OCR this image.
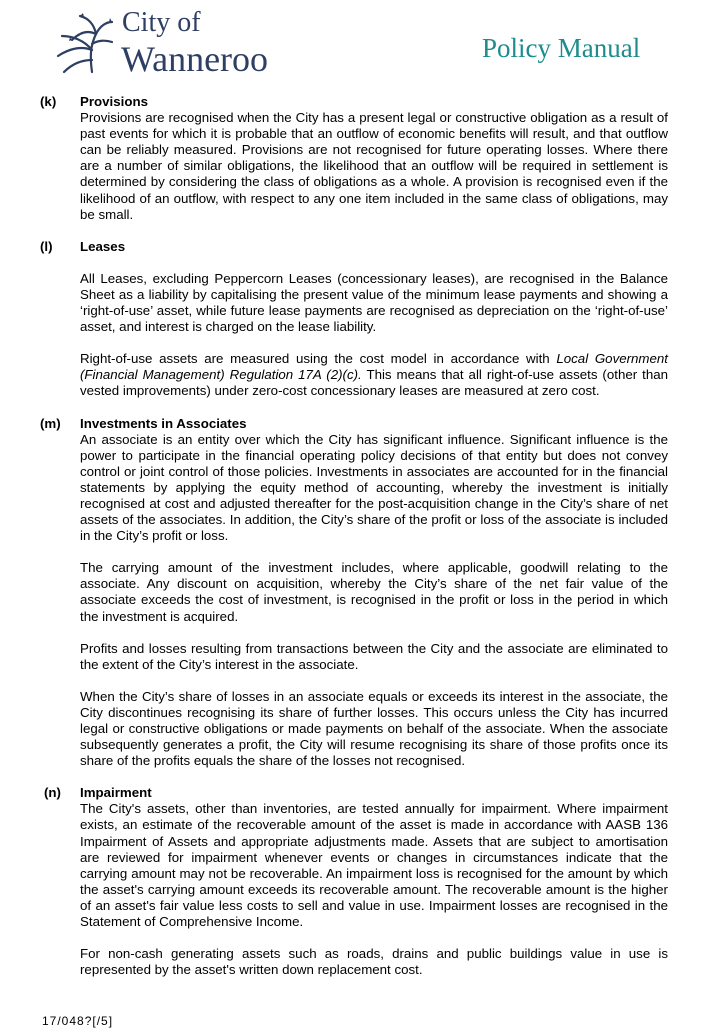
City of
Wanneroo	Policy Manual
(k) Provisions

Provisions are recognised when the City has a present legal or constructive obligation as a result of past events for which it is probable that an outflow of economic benefits will result, and that outflow can be reliably measured. Provisions are not recognised for future operating losses. Where there are a number of similar obligations, the likelihood that an outflow will be required in settlement is determined by considering the class of obligations as a whole. A provision is recognised even if the likelihood of an outflow, with respect to any one item included in the same class of obligations, may be small.

(l) Leases

All Leases, excluding Peppercorn Leases (concessionary leases), are recognised in the Balance Sheet as a liability by capitalising the present value of the minimum lease payments and showing a ‘right-of-use’ asset, while future lease payments are recognised as depreciation on the ‘right-of-use’ asset, and interest is charged on the lease liability.

Right-of-use assets are measured using the cost model in accordance with Local Government (Financial Management) Regulation 17A (2)(c). This means that all right-of-use assets (other than vested improvements) under zero-cost concessionary leases are measured at zero cost.

(m) Investments in Associates

An associate is an entity over which the City has significant influence. Significant influence is the power to participate in the financial operating policy decisions of that entity but does not convey control or joint control of those policies. Investments in associates are accounted for in the financial statements by applying the equity method of accounting, whereby the investment is initially recognised at cost and adjusted thereafter for the post-acquisition change in the City’s share of net assets of the associates. In addition, the City’s share of the profit or loss of the associate is included in the City’s profit or loss.

The carrying amount of the investment includes, where applicable, goodwill relating to the associate. Any discount on acquisition, whereby the City’s share of the net fair value of the associate exceeds the cost of investment, is recognised in the profit or loss in the period in which the investment is acquired.

Profits and losses resulting from transactions between the City and the associate are eliminated to the extent of the City’s interest in the associate.

When the City’s share of losses in an associate equals or exceeds its interest in the associate, the City discontinues recognising its share of further losses. This occurs unless the City has incurred legal or constructive obligations or made payments on behalf of the associate. When the associate subsequently generates a profit, the City will resume recognising its share of those profits once its share of the profits equals the share of the losses not recognised.

(n) Impairment

The City's assets, other than inventories, are tested annually for impairment. Where impairment exists, an estimate of the recoverable amount of the asset is made in accordance with AASB 136 Impairment of Assets and appropriate adjustments made. Assets that are subject to amortisation are reviewed for impairment whenever events or changes in circumstances indicate that the carrying amount may not be recoverable. An impairment loss is recognised for the amount by which the asset's carrying amount exceeds its recoverable amount. The recoverable amount is the higher of an asset's fair value less costs to sell and value in use. Impairment losses are recognised in the Statement of Comprehensive Income.

For non-cash generating assets such as roads, drains and public buildings value in use is represented by the asset's written down replacement cost.

17/048?[/5]
